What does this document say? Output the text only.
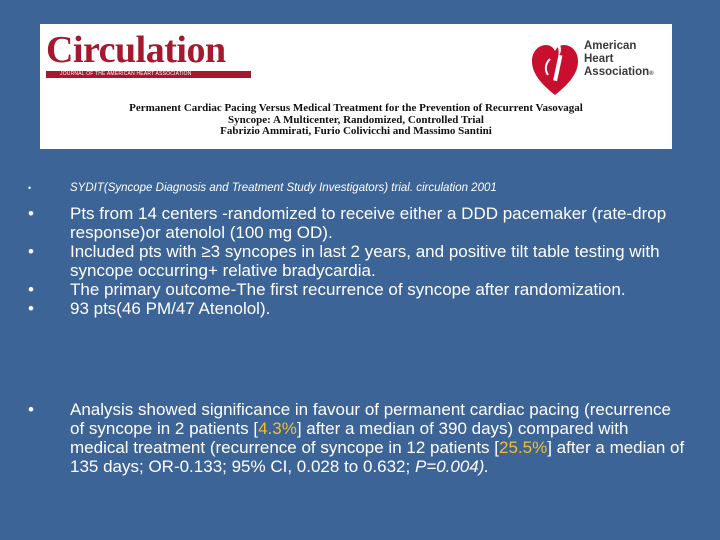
Circulation
JOURNAL OF THE AMERICAN HEART ASSOCIATION
American
Heart
Association®
Permanent Cardiac Pacing Versus Medical Treatment for the Prevention of Recurrent Vasovagal
Syncope: A Multicenter, Randomized, Controlled Trial
Fabrizio Ammirati, Furio Colivicchi and Massimo Santini
•	SYDIT(Syncope Diagnosis and Treatment Study Investigators) trial. circulation 2001
• Pts from 14 centers -randomized to receive either a DDD pacemaker (rate-drop response)or atenolol (100 mg OD).
• Included pts with ≥3 syncopes in last 2 years, and positive tilt table testing with syncope occurring+ relative bradycardia.
• The primary outcome-The first recurrence of syncope after randomization.
• 93 pts(46 PM/47 Atenolol).
• Analysis showed significance in favour of permanent cardiac pacing (recurrence of syncope in 2 patients [4.3%] after a median of 390 days) compared with medical treatment (recurrence of syncope in 12 patients [25.5%] after a median of 135 days; OR-0.133; 95% CI, 0.028 to 0.632; P=0.004).
